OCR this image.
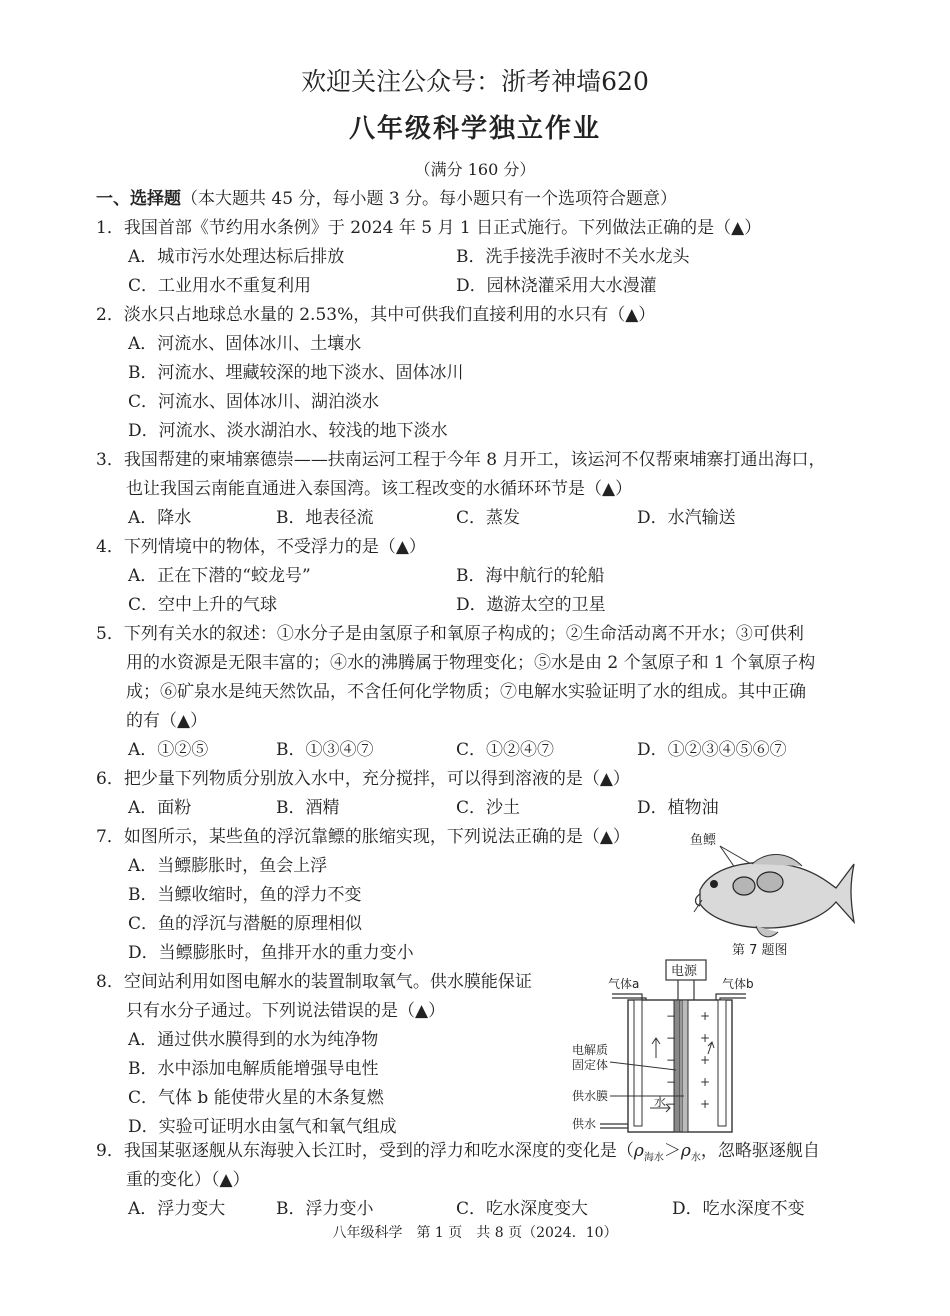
欢迎关注公众号：浙考神墙620
八年级科学独立作业
（满分 160 分）
一、选择题（本大题共 45 分，每小题 3 分。每小题只有一个选项符合题意）
1．我国首部《节约用水条例》于 2024 年 5 月 1 日正式施行。下列做法正确的是（▲）
A．城市污水处理达标后排放	B．洗手接洗手液时不关水龙头
C．工业用水不重复利用	D．园林浇灌采用大水漫灌
2．淡水只占地球总水量的 2.53%，其中可供我们直接利用的水只有（▲）
A．河流水、固体冰川、土壤水
B．河流水、埋藏较深的地下淡水、固体冰川
C．河流水、固体冰川、湖泊淡水
D．河流水、淡水湖泊水、较浅的地下淡水
3．我国帮建的柬埔寨德崇——扶南运河工程于今年 8 月开工，该运河不仅帮柬埔寨打通出海口，
也让我国云南能直通进入泰国湾。该工程改变的水循环环节是（▲）
A．降水	B．地表径流	C．蒸发	D．水汽输送
4．下列情境中的物体，不受浮力的是（▲）
A．正在下潜的“蛟龙号”	B．海中航行的轮船
C．空中上升的气球	D．遨游太空的卫星
5．下列有关水的叙述：①水分子是由氢原子和氧原子构成的；②生命活动离不开水；③可供利
用的水资源是无限丰富的；④水的沸腾属于物理变化；⑤水是由 2 个氢原子和 1 个氧原子构
成；⑥矿泉水是纯天然饮品，不含任何化学物质；⑦电解水实验证明了水的组成。其中正确
的有（▲）
A．①②⑤	B．①③④⑦	C．①②④⑦	D．①②③④⑤⑥⑦
6．把少量下列物质分别放入水中，充分搅拌，可以得到溶液的是（▲）
A．面粉	B．酒精	C．沙土	D．植物油
7．如图所示，某些鱼的浮沉靠鳔的胀缩实现，下列说法正确的是（▲）
A．当鳔膨胀时，鱼会上浮
B．当鳔收缩时，鱼的浮力不变
C．鱼的浮沉与潜艇的原理相似
D．当鳔膨胀时，鱼排开水的重力变小
鱼鳔
第 7 题图
8．空间站利用如图电解水的装置制取氧气。供水膜能保证
只有水分子通过。下列说法错误的是（▲）
A．通过供水膜得到的水为纯净物
B．水中添加电解质能增强导电性
C．气体 b 能使带火星的木条复燃
D．实验可证明水由氢气和氧气组成
电源
气体a	气体b
−
−
−
−
−
+
+
+
+
+
水
电解质
固定体
供水膜
供水
9．我国某驱逐舰从东海驶入长江时，受到的浮力和吃水深度的变化是（$\rho_{海水}>\rho_水$，忽略驱逐舰自
重的变化）（▲）
A．浮力变大	B．浮力变小	C．吃水深度变大	D．吃水深度不变
八年级科学　第 1 页　共 8 页（2024．10）
